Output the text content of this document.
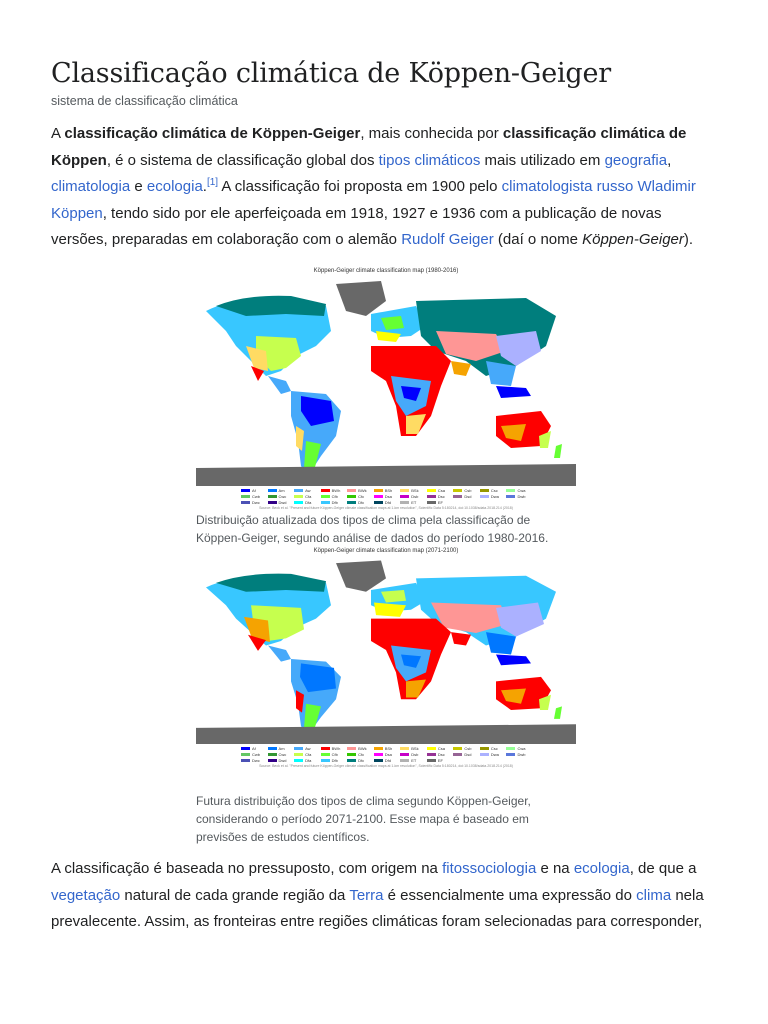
Classificação climática de Köppen-Geiger

sistema de classificação climática

A classificação climática de Köppen-Geiger, mais conhecida por classificação climática de Köppen, é o sistema de classificação global dos tipos climáticos mais utilizado em geografia, climatologia e ecologia.[1] A classificação foi proposta em 1900 pelo climatologista russo Wladimir Köppen, tendo sido por ele aperfeiçoada em 1918, 1927 e 1936 com a publicação de novas versões, preparadas em colaboração com o alemão Rudolf Geiger (daí o nome Köppen-Geiger).

Köppen-Geiger climate classification map (1980-2016)
Af	Am	Aw	BWh	BWk	BSh	BSk	Csa	Csb	Csc	Cwa
Cwb	Cwc	Cfa	Cfb	Cfc	Dsa	Dsb	Dsc	Dsd	Dwa	Dwb
Dwc	Dwd	Dfa	Dfb	Dfc	Dfd	ET	EF
Source: Beck et al. "Present and future Köppen-Geiger climate classification maps at 1-km resolution", Scientific Data 5:180214, doi:10.1038/sdata.2018.214 (2018)

Distribuição atualizada dos tipos de clima pela classificação de Köppen-Geiger, segundo análise de dados do período 1980-2016.

Köppen-Geiger climate classification map (2071-2100)
Af	Am	Aw	BWh	BWk	BSh	BSk	Csa	Csb	Csc	Cwa
Cwb	Cwc	Cfa	Cfb	Cfc	Dsa	Dsb	Dsc	Dsd	Dwa	Dwb
Dwc	Dwd	Dfa	Dfb	Dfc	Dfd	ET	EF
Source: Beck et al. "Present and future Köppen-Geiger climate classification maps at 1-km resolution", Scientific Data 5:180214, doi:10.1038/sdata.2018.214 (2018)

Futura distribuição dos tipos de clima segundo Köppen-Geiger, considerando o período 2071-2100. Esse mapa é baseado em previsões de estudos científicos.

A classificação é baseada no pressuposto, com origem na fitossociologia e na ecologia, de que a vegetação natural de cada grande região da Terra é essencialmente uma expressão do clima nela prevalecente. Assim, as fronteiras entre regiões climáticas foram selecionadas para corresponder,
